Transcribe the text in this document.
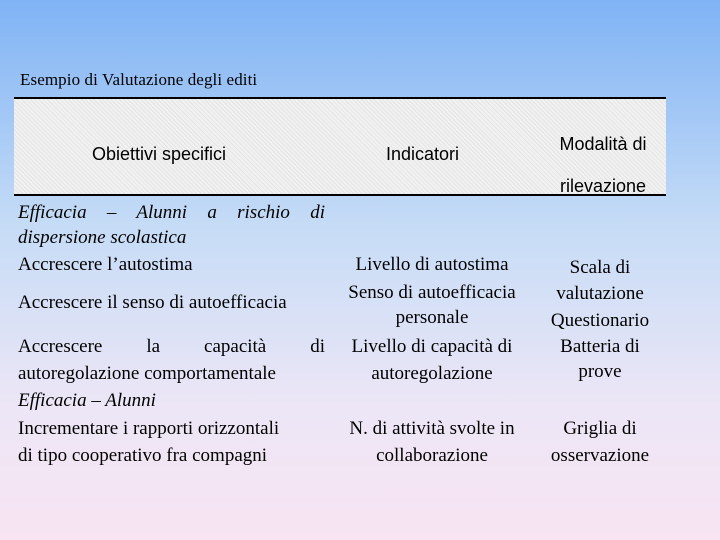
Esempio di Valutazione degli editi
Obiettivi specifici	Indicatori	Modalità di
rilevazione
Efficacia – Alunni a rischio di
dispersione scolastica
Accrescere l’autostima
Accrescere il senso di autoefficacia
Accrescere la capacità di
autoregolazione comportamentale
Efficacia – Alunni
Incrementare i rapporti orizzontali
di tipo cooperativo fra compagni
Livello di autostima
Senso di autoefficacia
personale
Livello di capacità di
autoregolazione
N. di attività svolte in
collaborazione
Scala di
valutazione
Questionario
Batteria di
prove
Griglia di
osservazione
